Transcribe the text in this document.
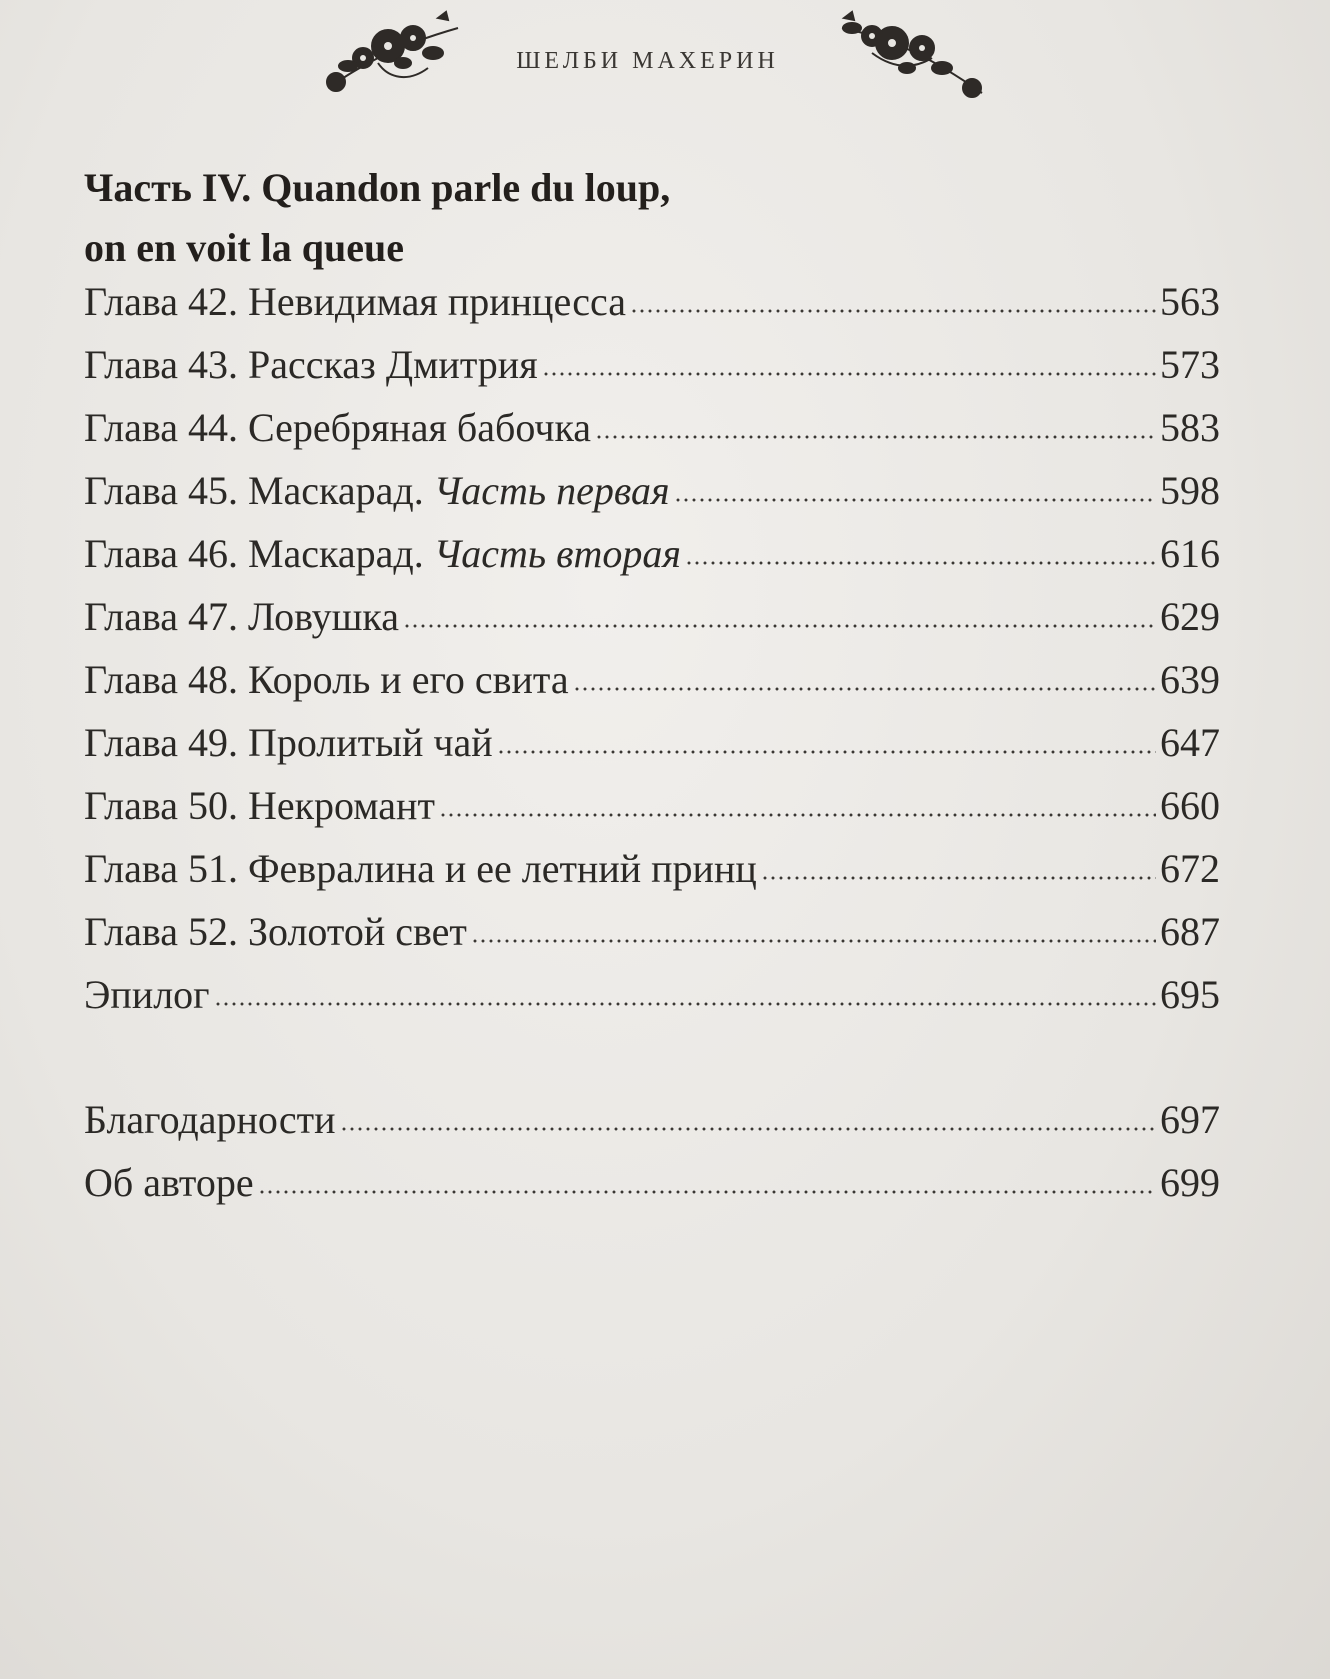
ШЕЛБИ МАХЕРИН
Часть IV. Quandon parle du loup,
on en voit la queue
Глава 42. Невидимая принцесса	563
Глава 43. Рассказ Дмитрия	573
Глава 44. Серебряная бабочка	583
Глава 45. Маскарад. Часть первая	598
Глава 46. Маскарад. Часть вторая	616
Глава 47. Ловушка	629
Глава 48. Король и его свита	639
Глава 49. Пролитый чай	647
Глава 50. Некромант	660
Глава 51. Февралина и ее летний принц	672
Глава 52. Золотой свет	687
Эпилог	695
Благодарности	697
Об авторе	699
